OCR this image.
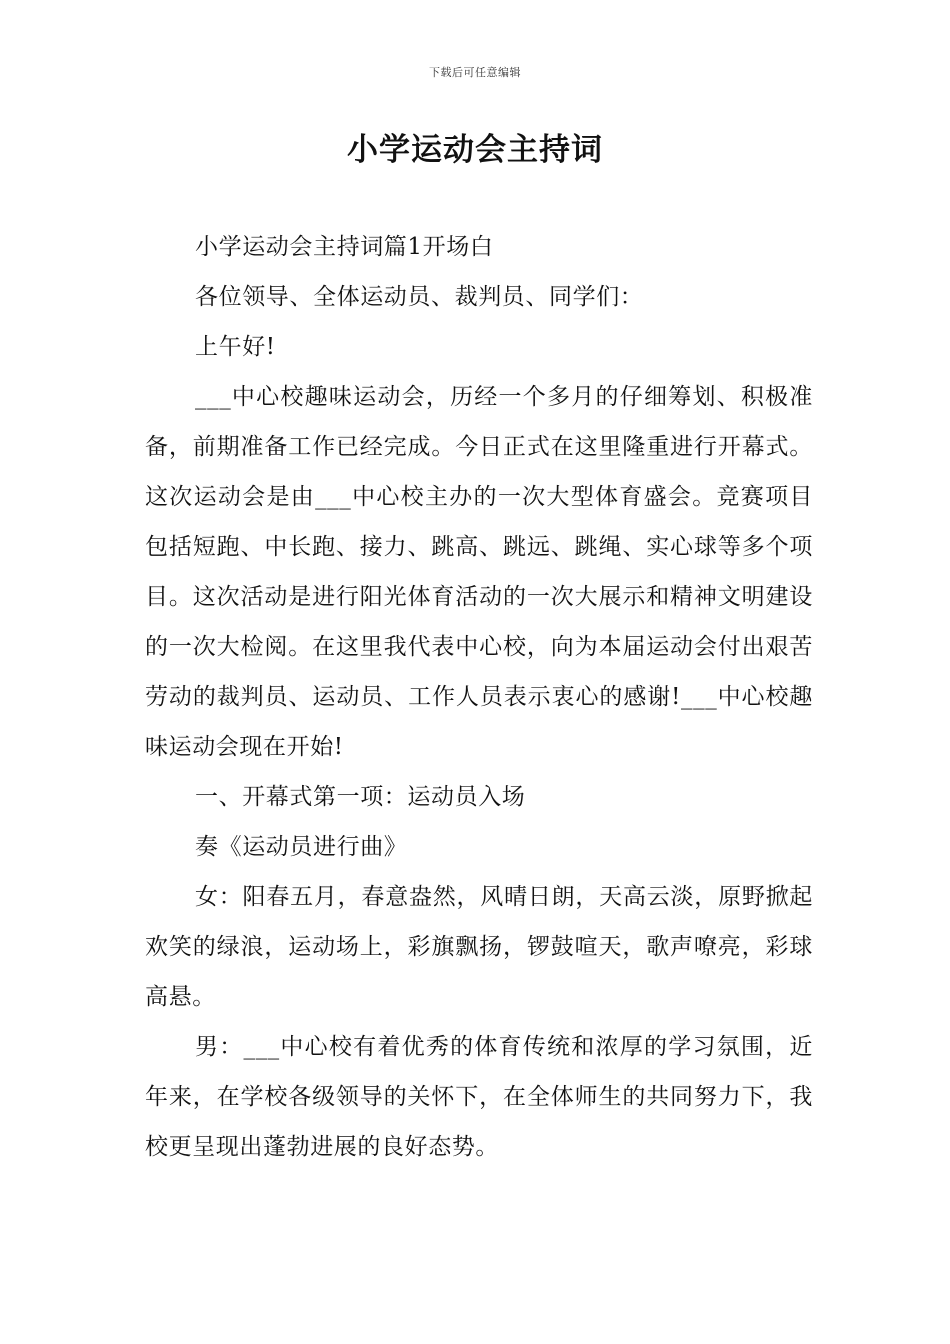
下载后可任意编辑
小学运动会主持词

小学运动会主持词篇1开场白

各位领导、全体运动员、裁判员、同学们：

上午好!

___中心校趣味运动会，历经一个多月的仔细筹划、积极准备，前期准备工作已经完成。今日正式在这里隆重进行开幕式。这次运动会是由___中心校主办的一次大型体育盛会。竞赛项目包括短跑、中长跑、接力、跳高、跳远、跳绳、实心球等多个项目。这次活动是进行阳光体育活动的一次大展示和精神文明建设的一次大检阅。在这里我代表中心校，向为本届运动会付出艰苦劳动的裁判员、运动员、工作人员表示衷心的感谢!___中心校趣味运动会现在开始!

一、开幕式第一项：运动员入场

奏《运动员进行曲》

女：阳春五月，春意盎然，风晴日朗，天高云淡，原野掀起欢笑的绿浪，运动场上，彩旗飘扬，锣鼓喧天，歌声嘹亮，彩球高悬。

男：___中心校有着优秀的体育传统和浓厚的学习氛围，近年来，在学校各级领导的关怀下，在全体师生的共同努力下，我校更呈现出蓬勃进展的良好态势。
